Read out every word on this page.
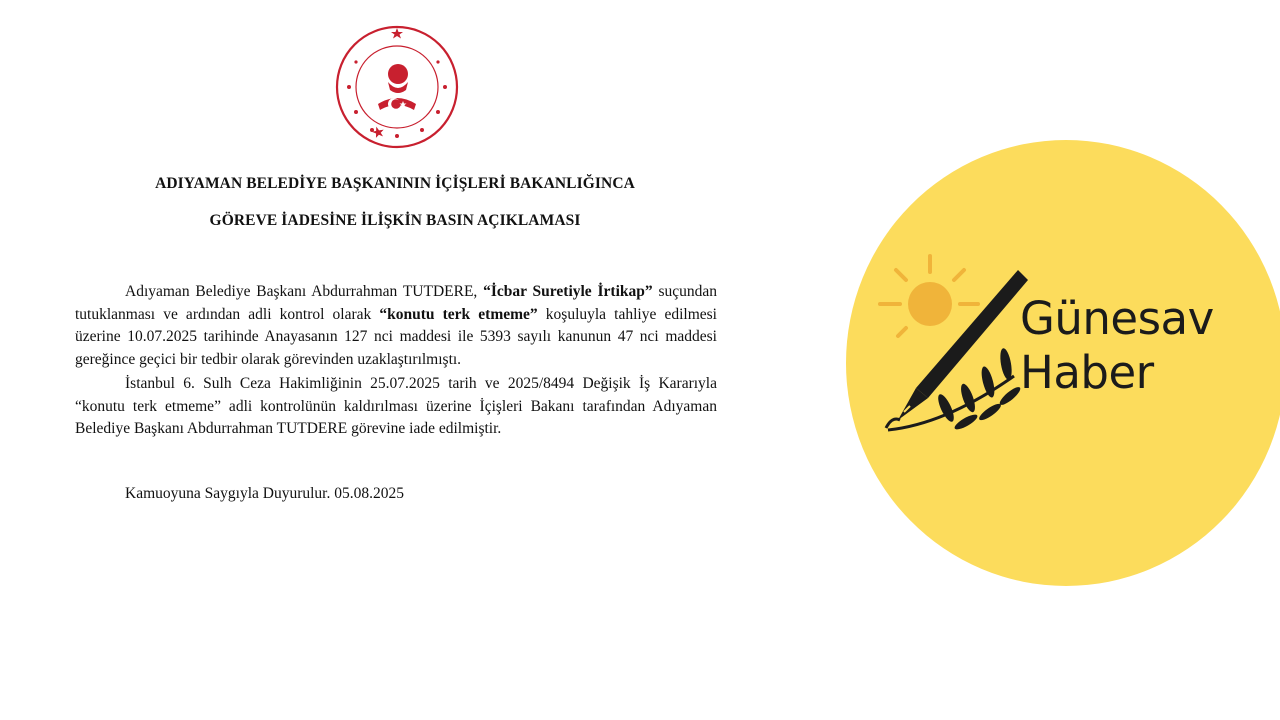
ADIYAMAN BELEDİYE BAŞKANININ İÇİŞLERİ BAKANLIĞINCA
GÖREVE İADESİNE İLİŞKİN BASIN AÇIKLAMASI

Adıyaman Belediye Başkanı Abdurrahman TUTDERE, “İcbar Suretiyle İrtikap” suçundan tutuklanması ve ardından adli kontrol olarak “konutu terk etmeme” koşuluyla tahliye edilmesi üzerine 10.07.2025 tarihinde Anayasanın 127 nci maddesi ile 5393 sayılı kanunun 47 nci maddesi gereğince geçici bir tedbir olarak görevinden uzaklaştırılmıştı.

İstanbul 6. Sulh Ceza Hakimliğinin 25.07.2025 tarih ve 2025/8494 Değişik İş Kararıyla “konutu terk etmeme” adli kontrolünün kaldırılması üzerine İçişleri Bakanı tarafından Adıyaman Belediye Başkanı Abdurrahman TUTDERE görevine iade edilmiştir.

Kamuoyuna Saygıyla Duyurulur. 05.08.2025

Günesav
Haber
